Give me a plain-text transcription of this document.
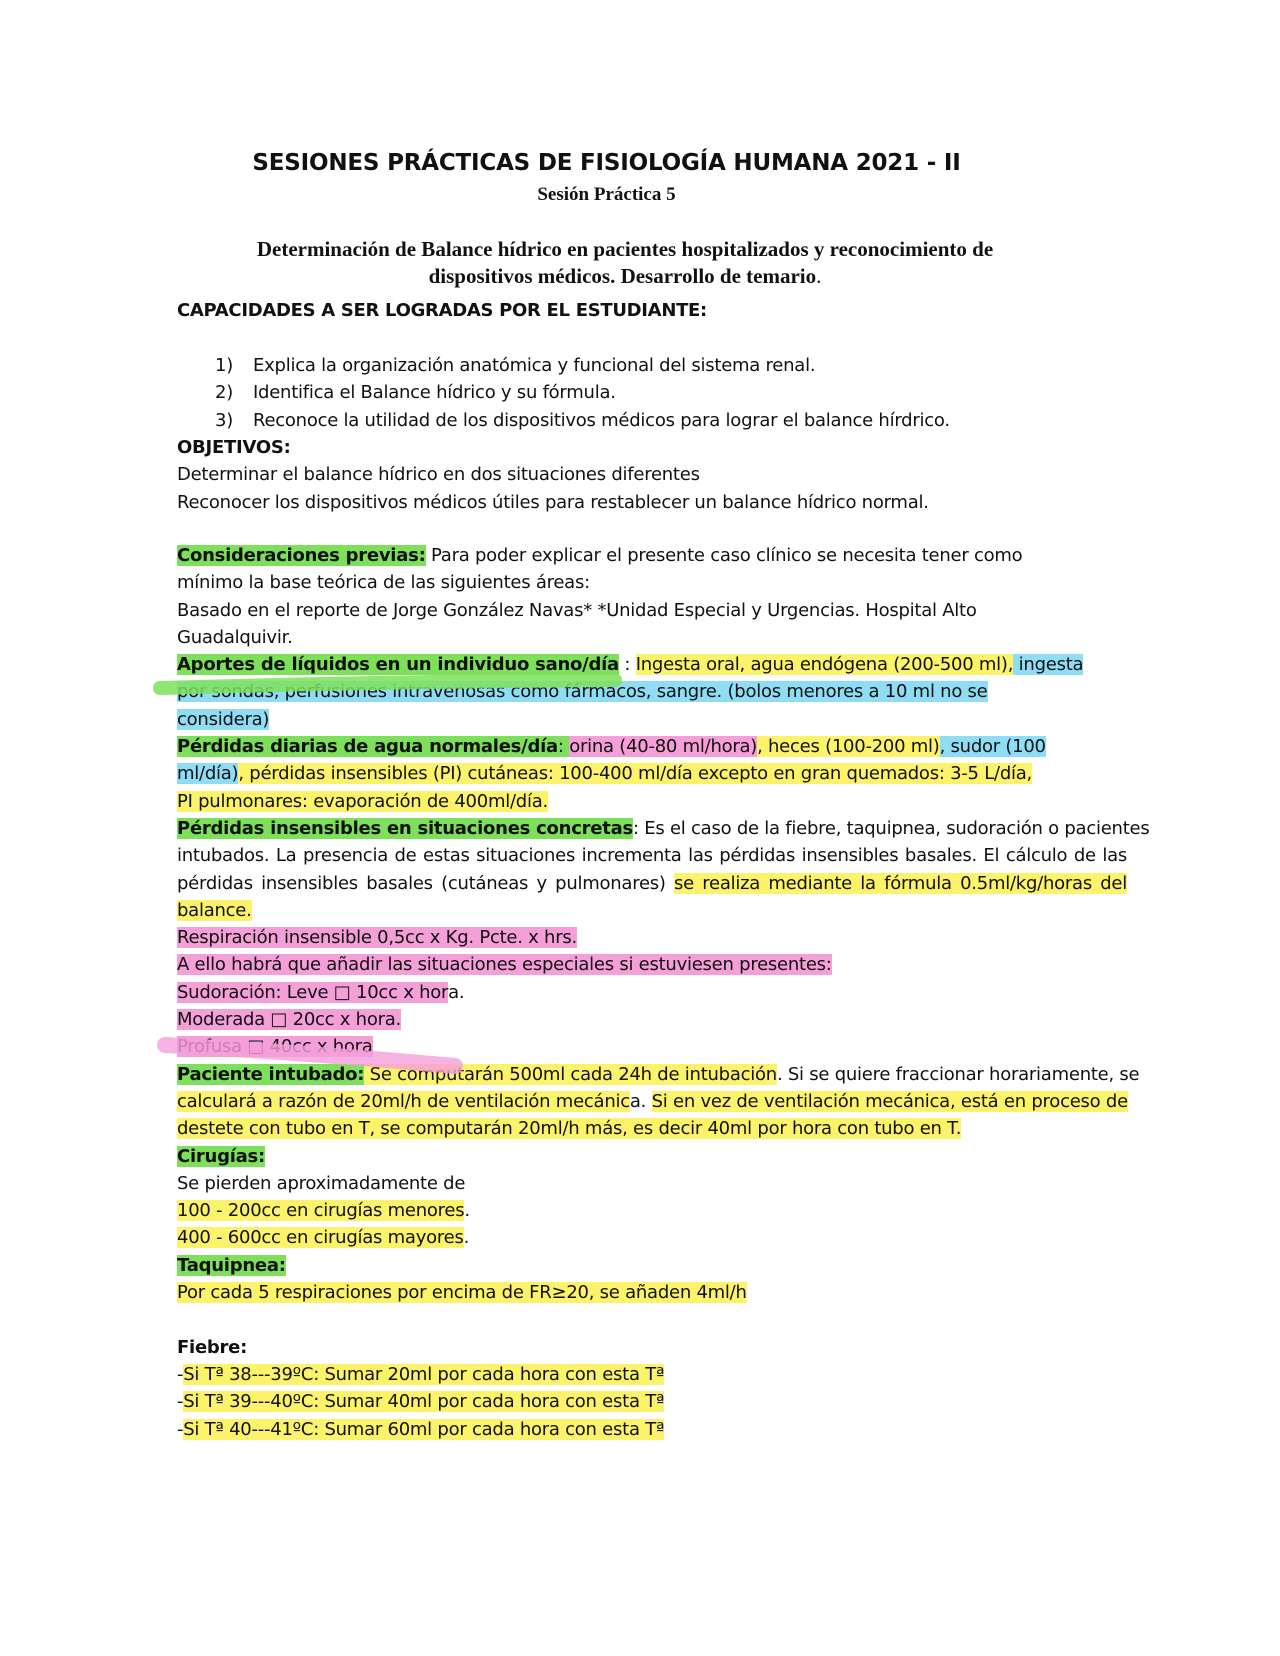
SESIONES PRÁCTICAS DE FISIOLOGÍA HUMANA 2021 - II
Sesión Práctica 5
Determinación de Balance hídrico en pacientes hospitalizados y reconocimiento de
dispositivos médicos. Desarrollo de temario.
CAPACIDADES A SER LOGRADAS POR EL ESTUDIANTE:
1) Explica la organización anatómica y funcional del sistema renal.
2) Identifica el Balance hídrico y su fórmula.
3) Reconoce la utilidad de los dispositivos médicos para lograr el balance hírdrico.
OBJETIVOS:
Determinar el balance hídrico en dos situaciones diferentes
Reconocer los dispositivos médicos útiles para restablecer un balance hídrico normal.
Consideraciones previas: Para poder explicar el presente caso clínico se necesita tener como
mínimo la base teórica de las siguientes áreas:
Basado en el reporte de Jorge González Navas* *Unidad Especial y Urgencias. Hospital Alto
Guadalquivir.
Aportes de líquidos en un individuo sano/día : Ingesta oral, agua endógena (200-500 ml), ingesta
por sondas, perfusiones intravenosas como fármacos, sangre. (bolos menores a 10 ml no se
considera)
Pérdidas diarias de agua normales/día: orina (40-80 ml/hora), heces (100-200 ml), sudor (100
ml/día), pérdidas insensibles (PI) cutáneas: 100-400 ml/día excepto en gran quemados: 3-5 L/día,
PI pulmonares: evaporación de 400ml/día.
Pérdidas insensibles en situaciones concretas: Es el caso de la fiebre, taquipnea, sudoración o pacientes
intubados. La presencia de estas situaciones incrementa las pérdidas insensibles basales. El cálculo de las
pérdidas insensibles basales (cutáneas y pulmonares) se realiza mediante la fórmula 0.5ml/kg/horas del
balance.
Respiración insensible 0,5cc x Kg. Pcte. x hrs.
A ello habrá que añadir las situaciones especiales si estuviesen presentes:
Sudoración: Leve □ 10cc x hora.
Moderada □ 20cc x hora.
Profusa □ 40cc x hora
Paciente intubado: Se computarán 500ml cada 24h de intubación. Si se quiere fraccionar horariamente, se
calculará a razón de 20ml/h de ventilación mecánica. Si en vez de ventilación mecánica, está en proceso de
destete con tubo en T, se computarán 20ml/h más, es decir 40ml por hora con tubo en T.
Cirugías:
Se pierden aproximadamente de
100 - 200cc en cirugías menores.
400 - 600cc en cirugías mayores.
Taquipnea:
Por cada 5 respiraciones por encima de FR≥20, se añaden 4ml/h
Fiebre:
-Si Tª 38---39ºC: Sumar 20ml por cada hora con esta Tª
-Si Tª 39---40ºC: Sumar 40ml por cada hora con esta Tª
-Si Tª 40---41ºC: Sumar 60ml por cada hora con esta Tª
